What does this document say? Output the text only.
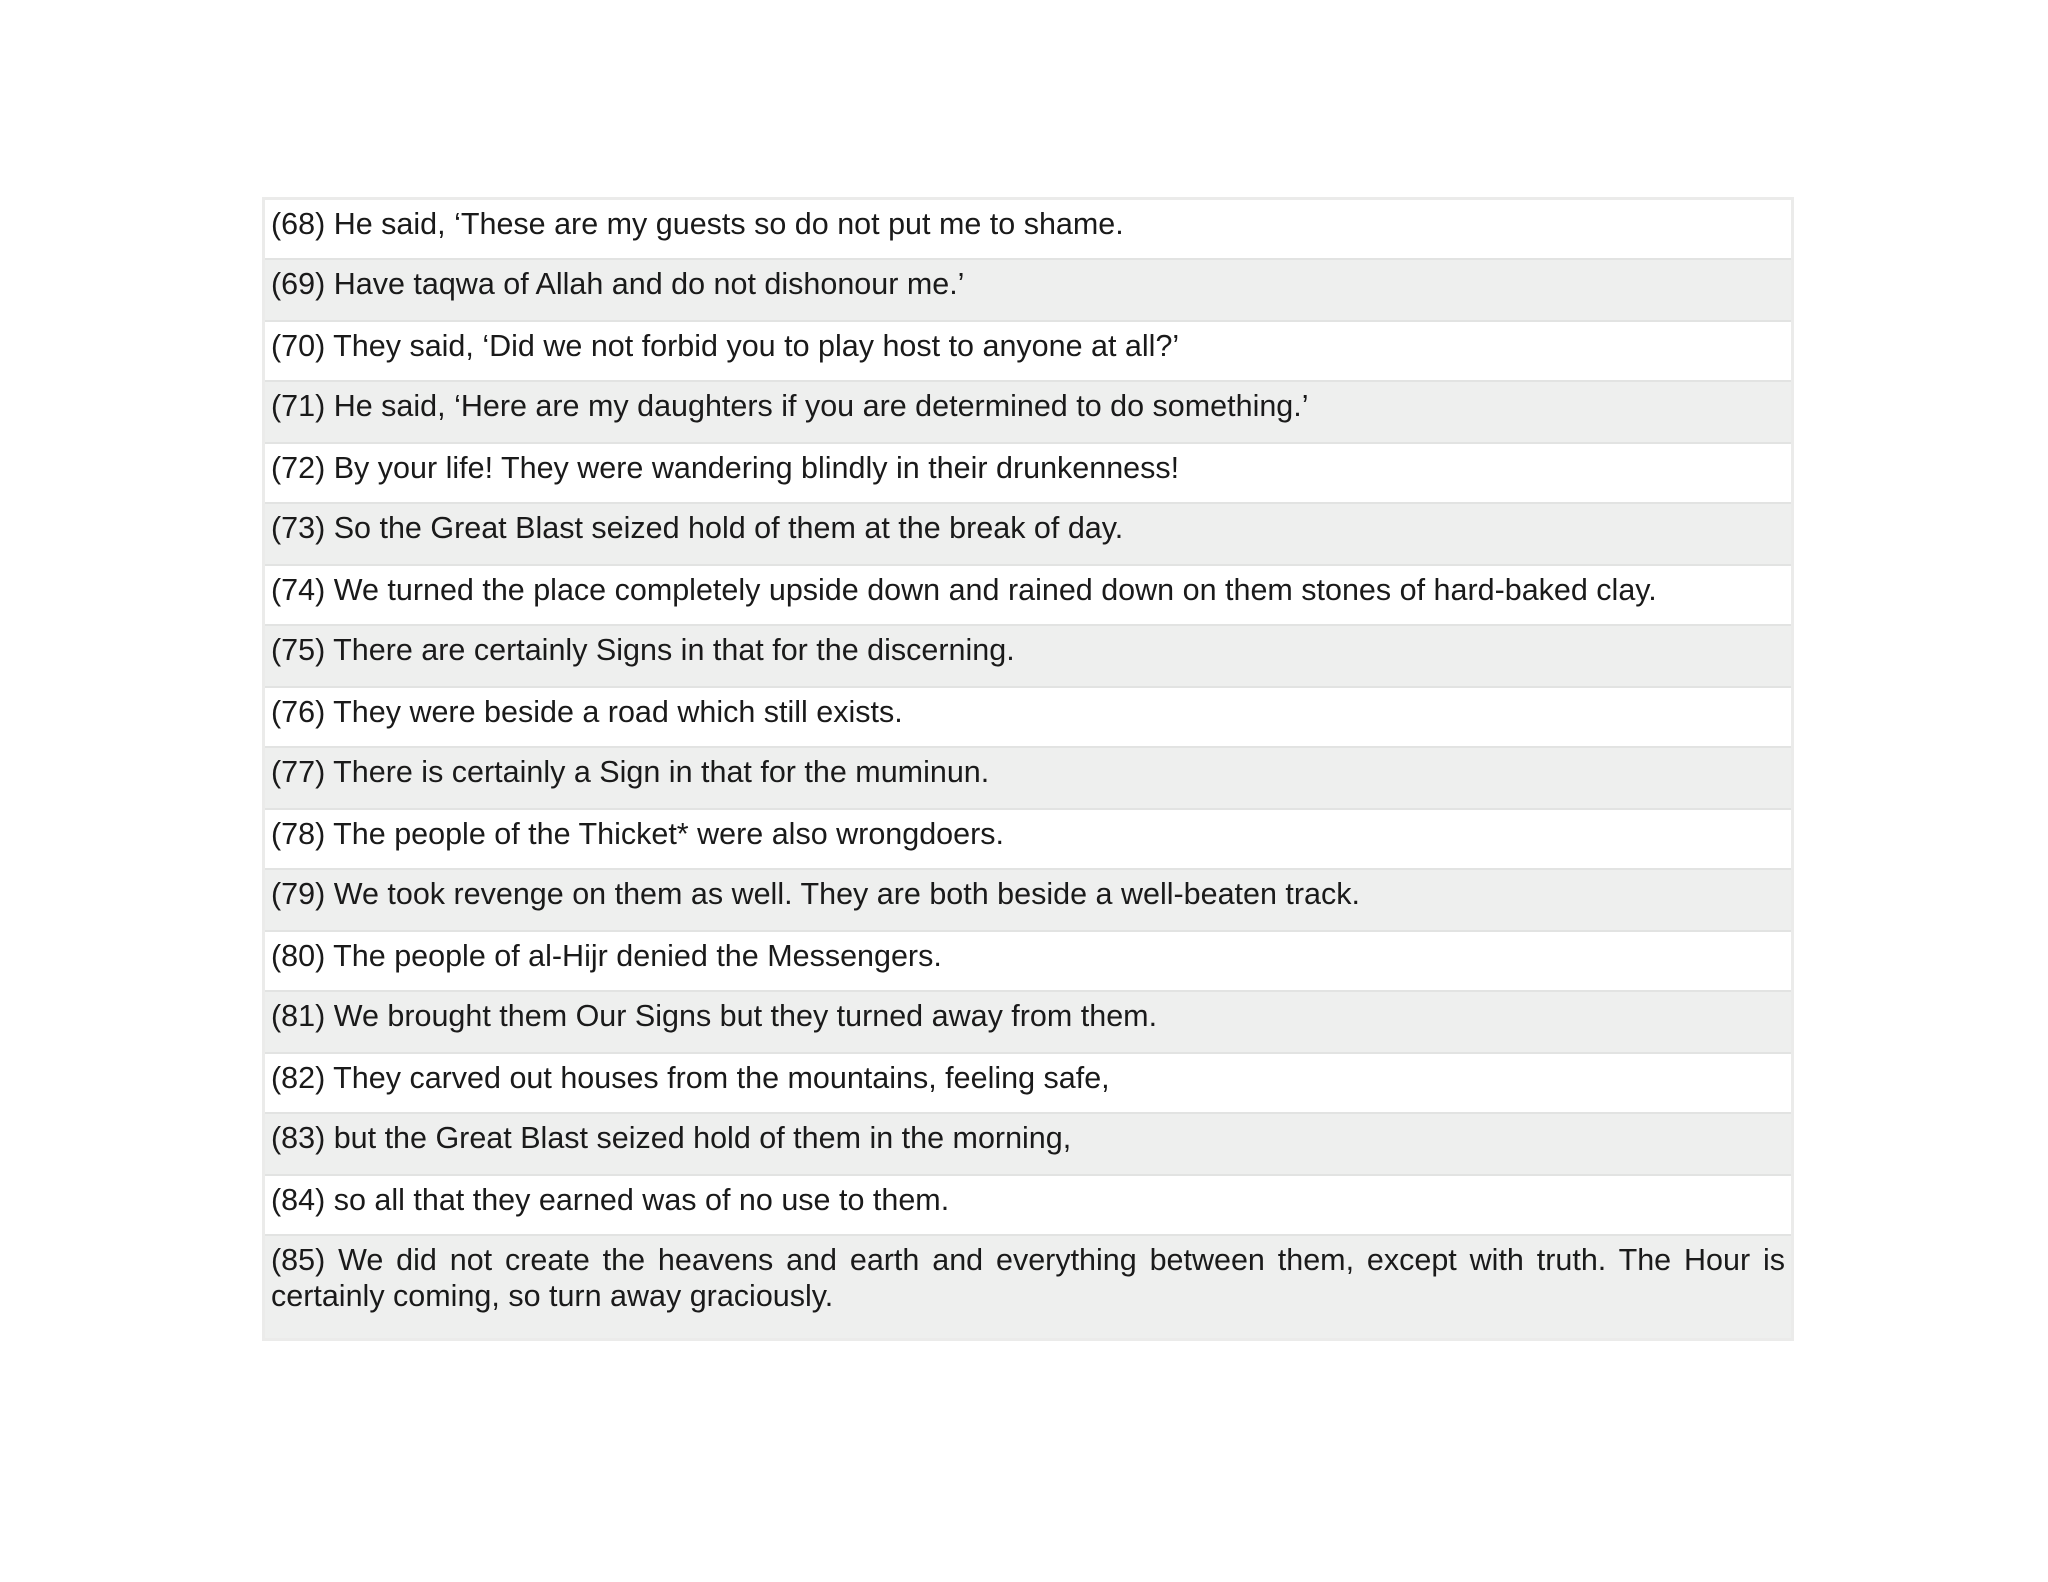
(68) He said, ‘These are my guests so do not put me to shame.
(69) Have taqwa of Allah and do not dishonour me.’
(70) They said, ‘Did we not forbid you to play host to anyone at all?’
(71) He said, ‘Here are my daughters if you are determined to do something.’
(72) By your life! They were wandering blindly in their drunkenness!
(73) So the Great Blast seized hold of them at the break of day.
(74) We turned the place completely upside down and rained down on them stones of hard-baked clay.
(75) There are certainly Signs in that for the discerning.
(76) They were beside a road which still exists.
(77) There is certainly a Sign in that for the muminun.
(78) The people of the Thicket* were also wrongdoers.
(79) We took revenge on them as well. They are both beside a well-beaten track.
(80) The people of al-Hijr denied the Messengers.
(81) We brought them Our Signs but they turned away from them.
(82) They carved out houses from the mountains, feeling safe,
(83) but the Great Blast seized hold of them in the morning,
(84) so all that they earned was of no use to them.
(85) We did not create the heavens and earth and everything between them, except with truth. The Hour is certainly coming, so turn away graciously.
